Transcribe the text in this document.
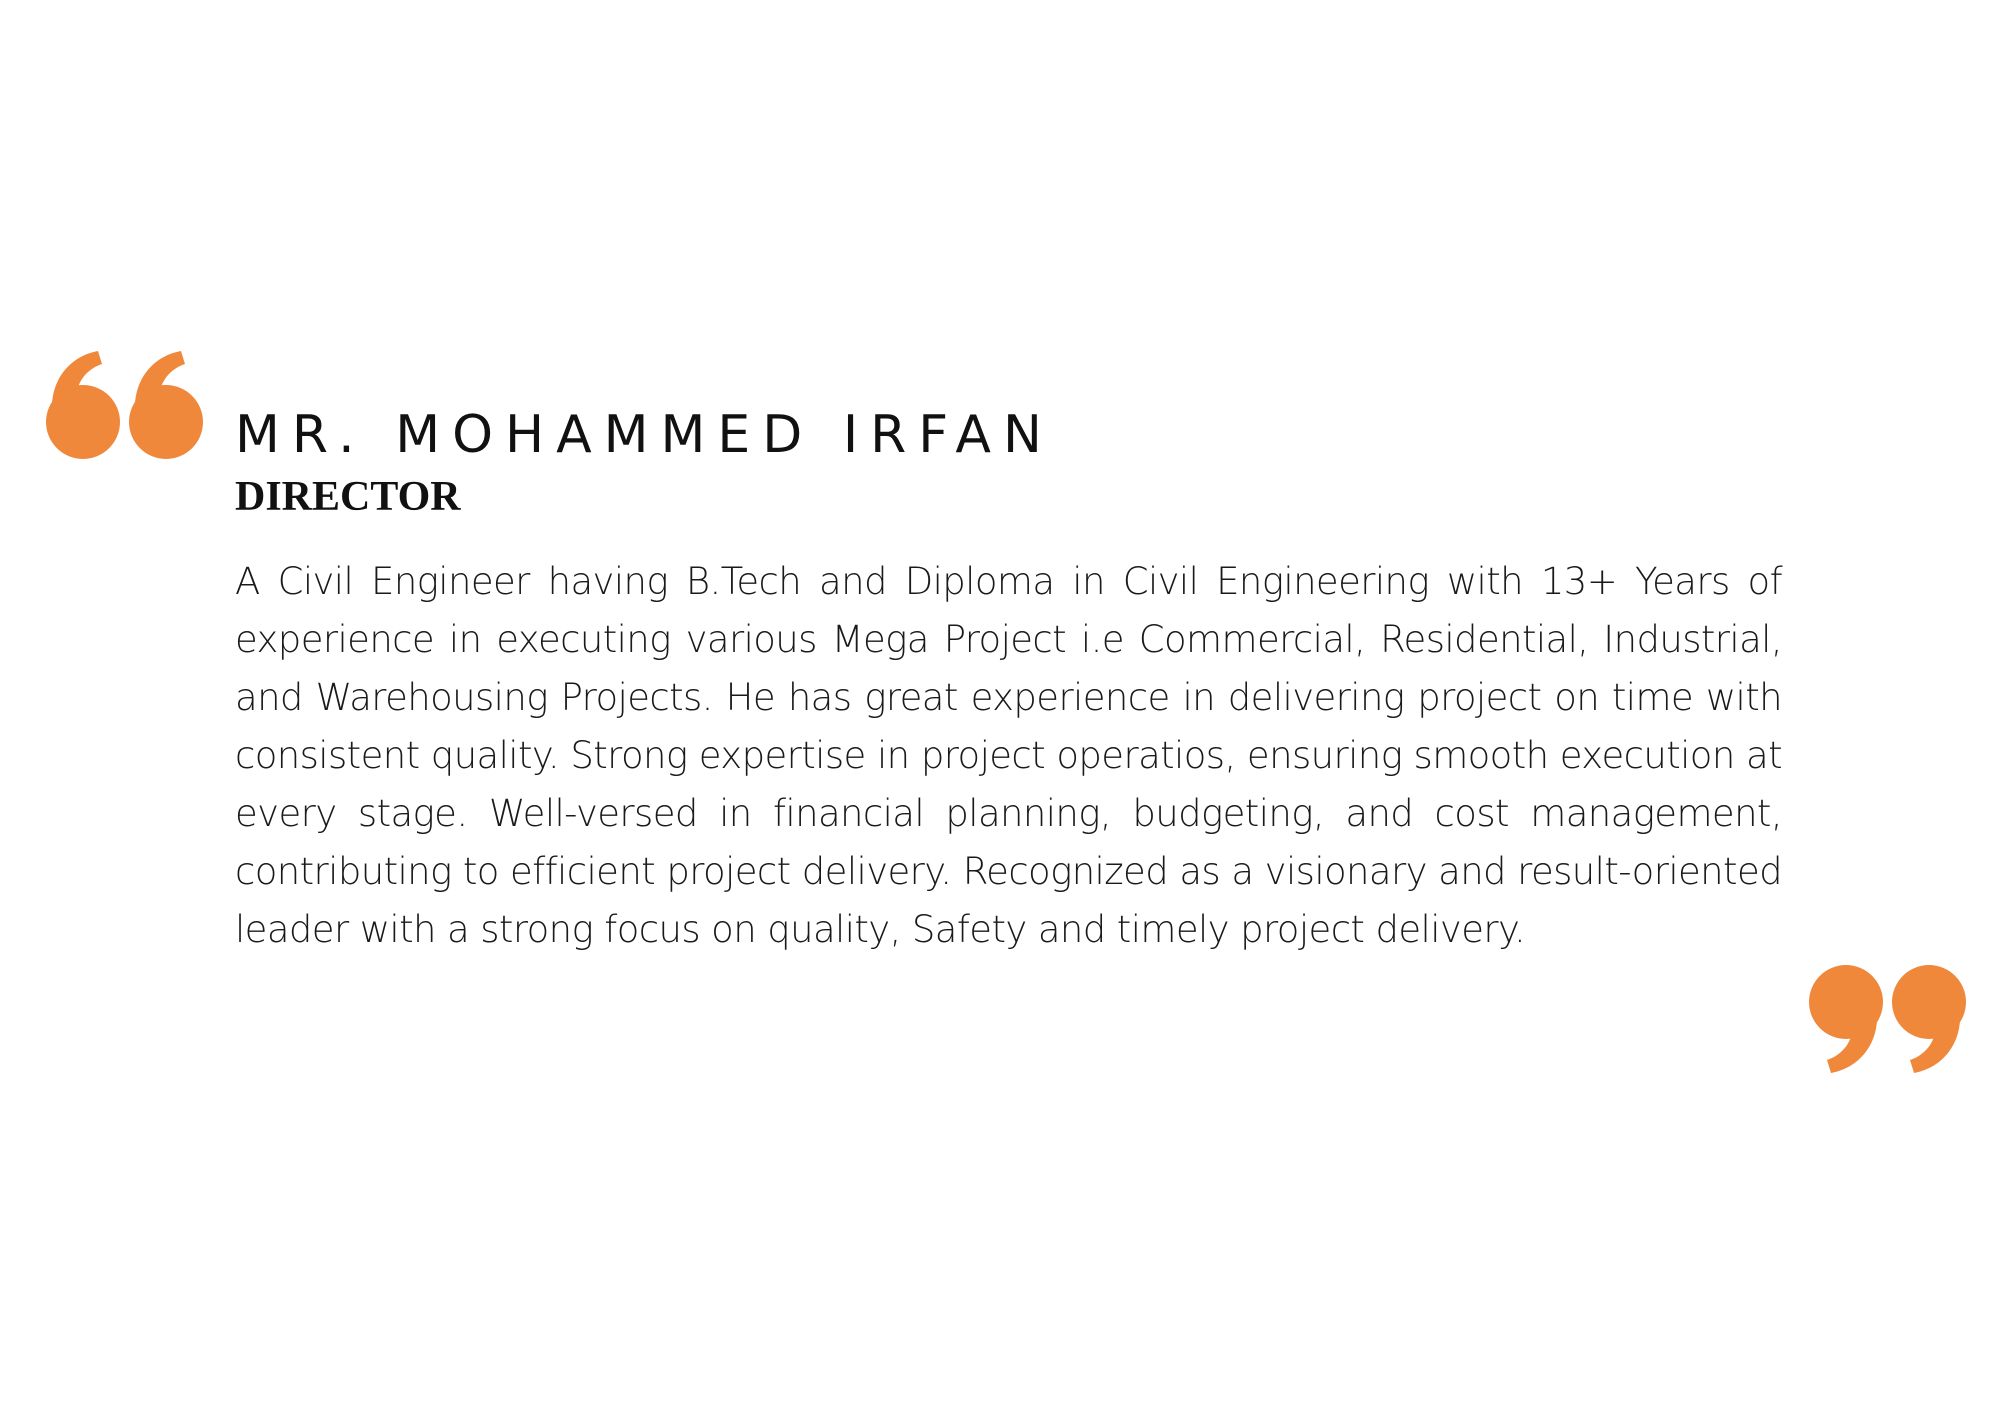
MR. MOHAMMED IRFAN
DIRECTOR

A Civil Engineer having B.Tech and Diploma in Civil Engineering with 13+ Years of experience in executing various Mega Project i.e Commercial, Residential, Industrial, and Warehousing Projects. He has great experience in delivering project on time with consistent quality. Strong expertise in project operatios, ensuring smooth execution at every stage. Well-versed in financial planning, budgeting, and cost management, contributing to efficient project delivery. Recognized as a visionary and result-oriented leader with a strong focus on quality, Safety and timely project delivery.
